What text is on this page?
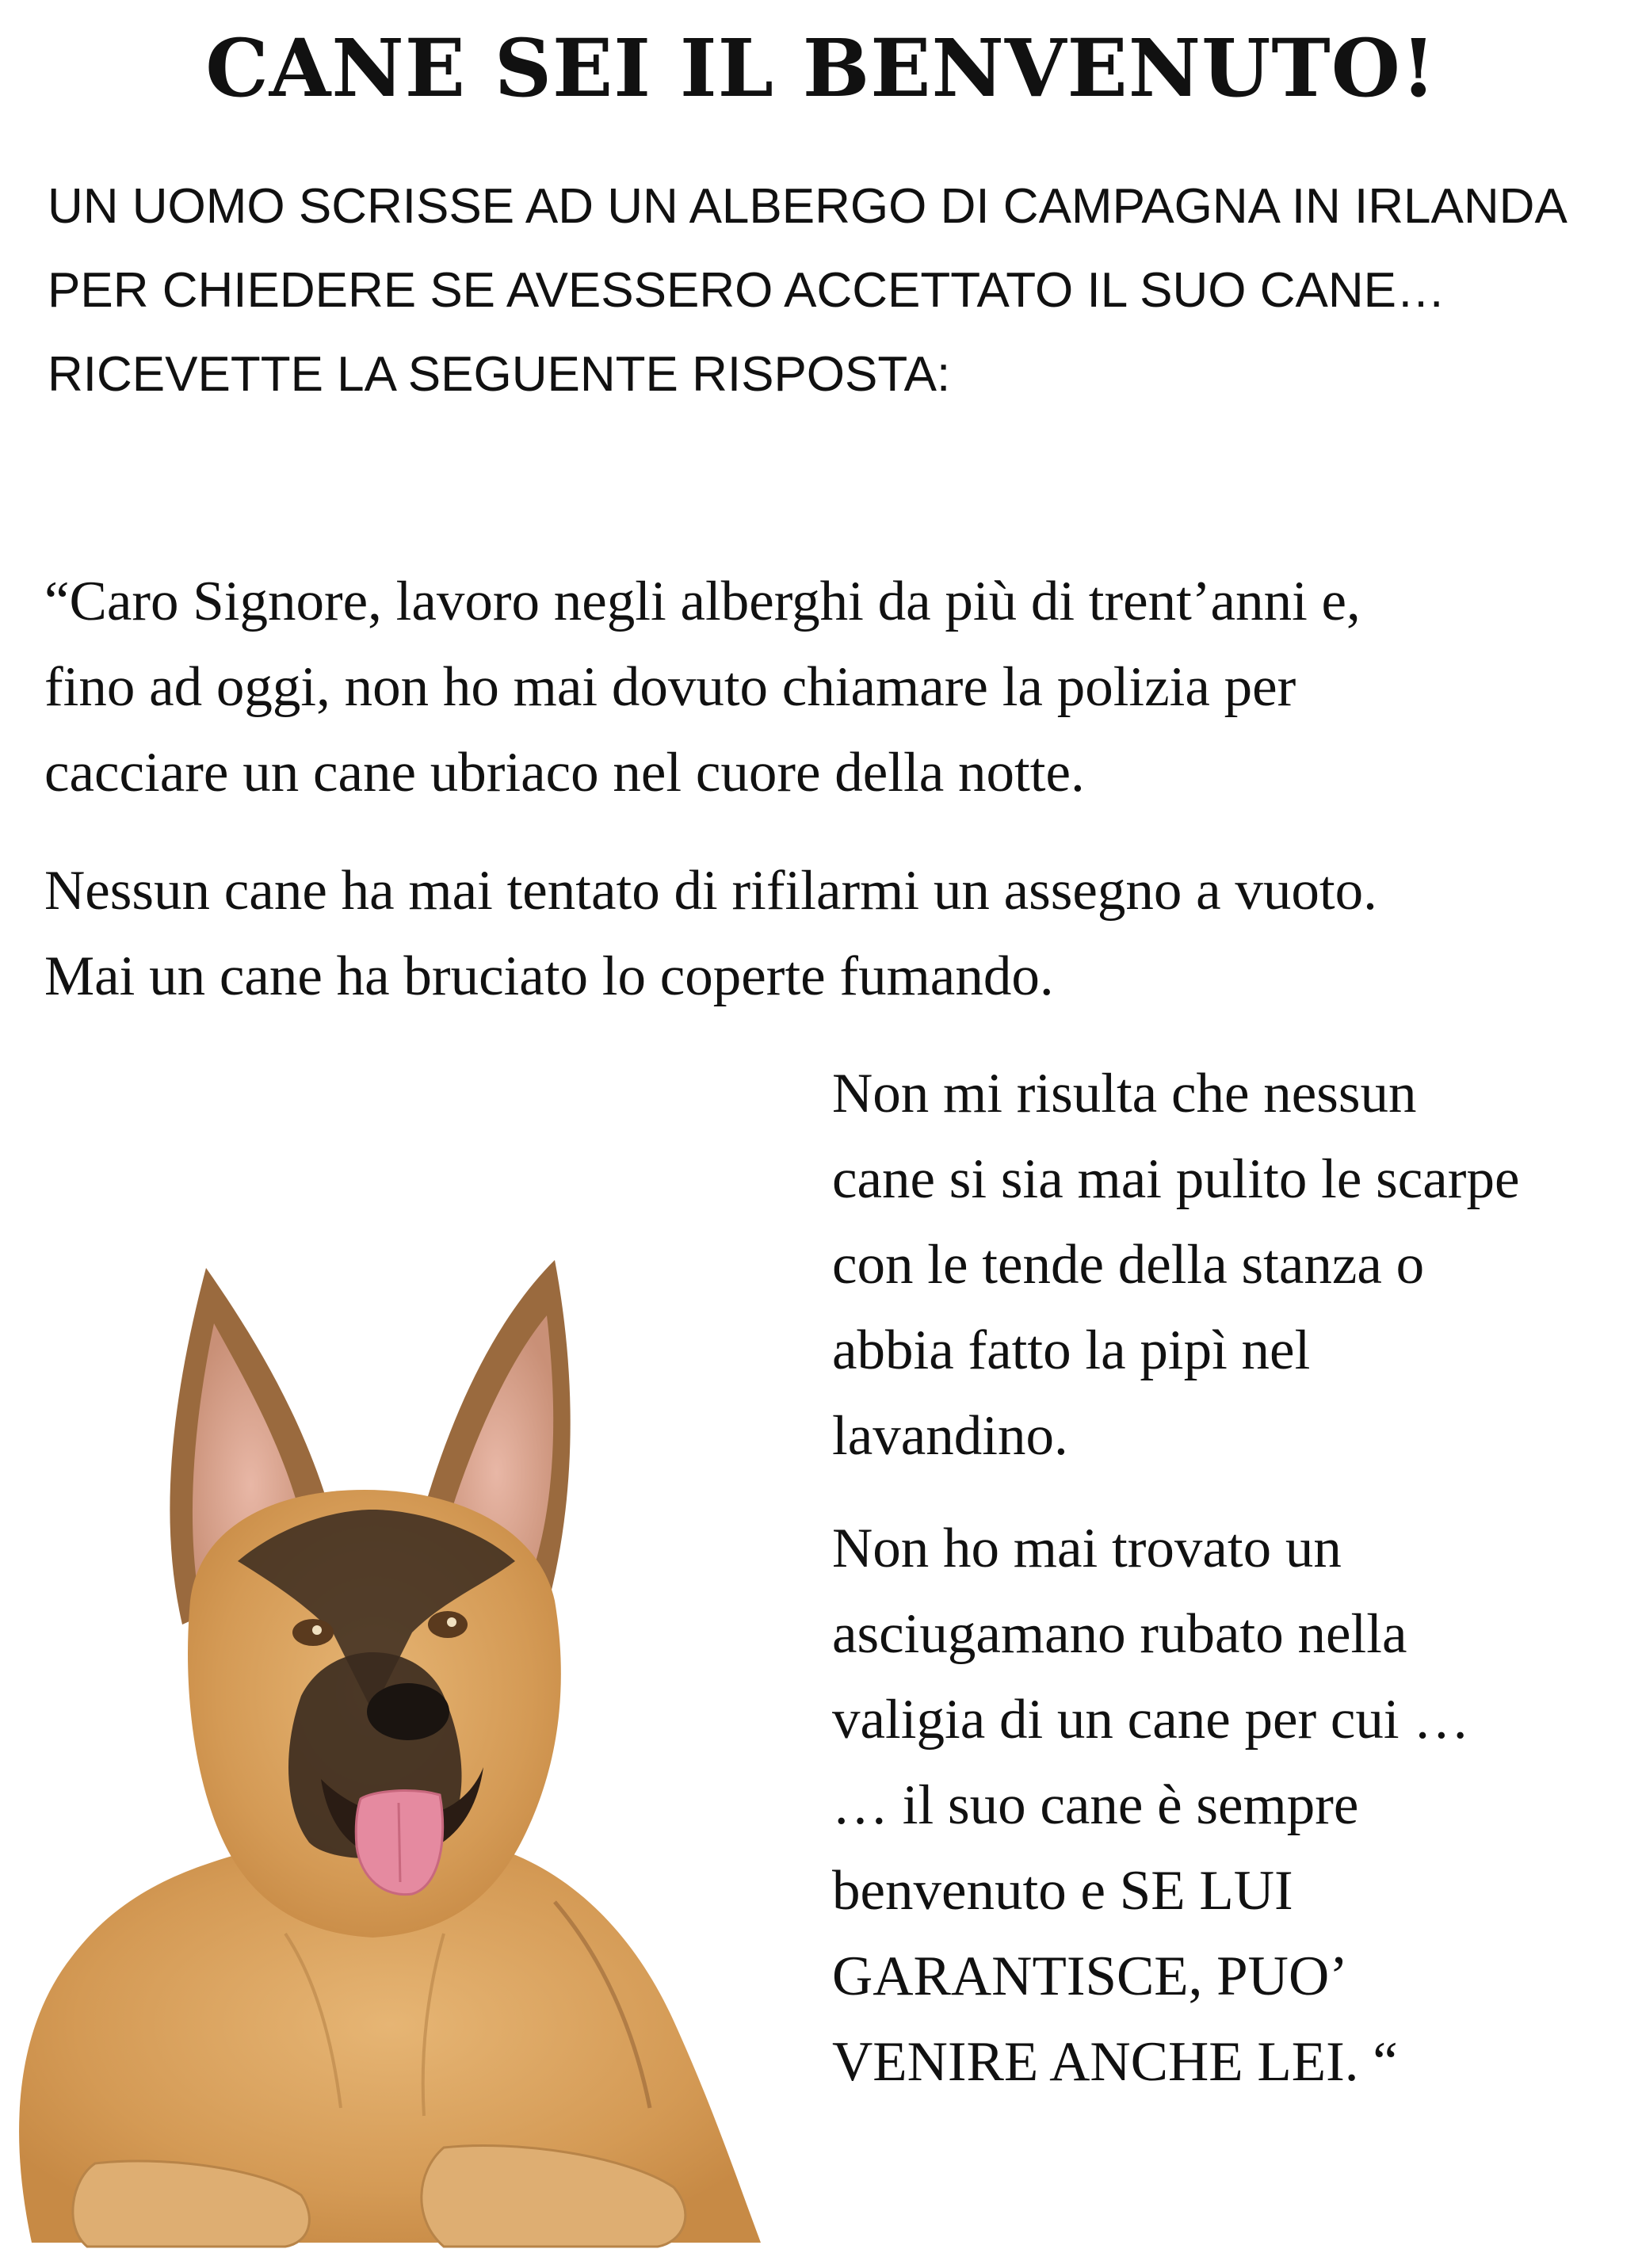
CANE SEI IL BENVENUTO!
UN UOMO SCRISSE AD UN ALBERGO DI CAMPAGNA IN IRLANDA
PER CHIEDERE SE AVESSERO ACCETTATO IL SUO CANE…
RICEVETTE LA SEGUENTE RISPOSTA:
“Caro Signore, lavoro negli alberghi da più di trent’anni e,
fino ad oggi, non ho mai dovuto chiamare la polizia per
cacciare un cane ubriaco nel cuore della notte.
Nessun cane ha mai tentato di rifilarmi un assegno a vuoto.
Mai un cane ha bruciato lo coperte fumando.
Non mi risulta che nessun
cane si sia mai pulito le scarpe
con le tende della stanza o
abbia fatto la pipì nel
lavandino.
Non ho mai trovato un
asciugamano rubato nella
valigia di un cane per cui …
… il suo cane è sempre
benvenuto e SE LUI
GARANTISCE, PUO’
VENIRE ANCHE LEI. “
